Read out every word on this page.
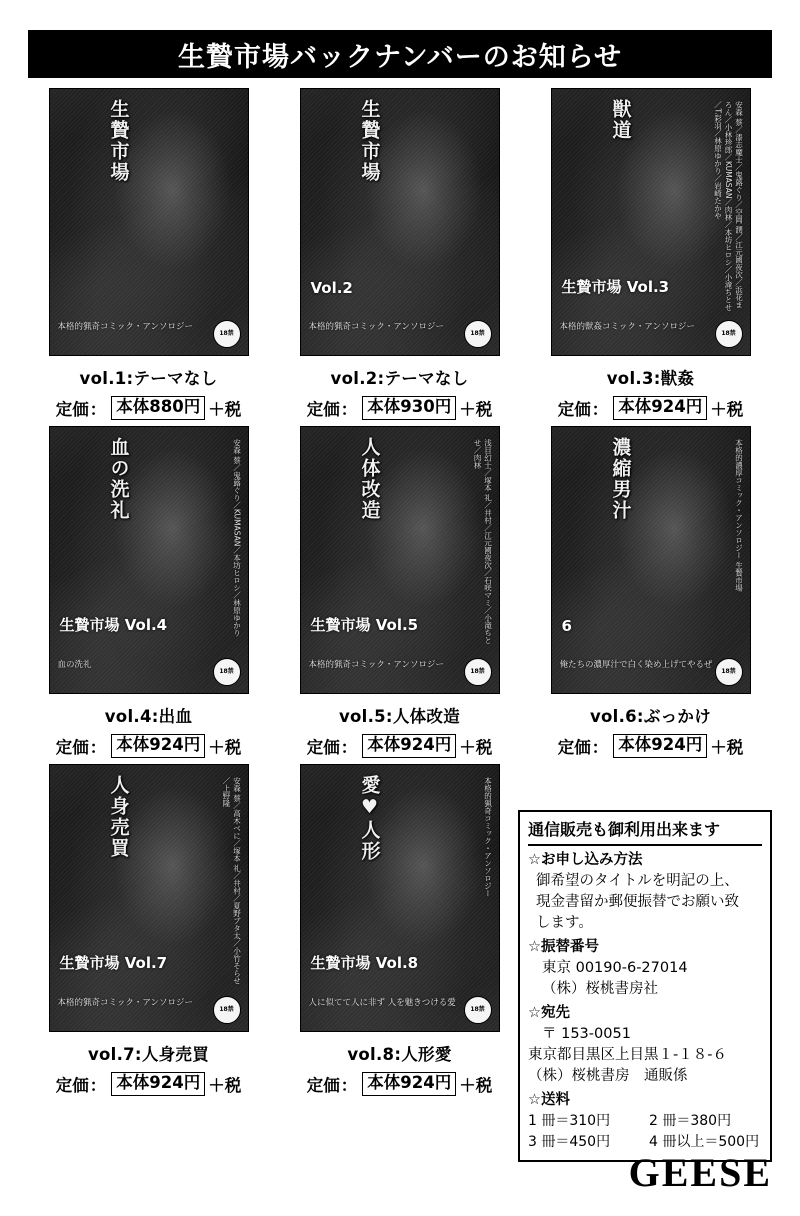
生贄市場バックナンバーのお知らせ
生贄市場
本格的猟奇コミック・アンソロジー
18禁
vol.1:テーマなし
定価 ： 本体880円 ＋ 税
生贄市場
Vol.2
本格的猟奇コミック・アンソロジー
18禁
vol.2:テーマなし
定価 ： 本体930円 ＋ 税
獣道	安森 蔡／漆志魔士／鬼蕗ぐり／空岡 潤／江元國夜次／浜花まろん／小林珍郎／KUMASAN／肉林／本坊ヒロシ／小滝ちとせ／T.彩羽／林原ゆかり／岩崎たかや
生贄市場 Vol.3
本格的獣姦コミック・アンソロジー
18禁
vol.3:獣姦
定価 ： 本体924円 ＋ 税
血の洗礼	安森 蔡／鬼蕗ぐり／KUMASAN／本坊ヒロシ／林原ゆかり
生贄市場 Vol.4
血の洗礼
18禁
vol.4:出血
定価 ： 本体924円 ＋ 税
人体改造	浅目幻士／塚本 礼／井村／江元國夜次／石咲マミ／小滝ちとせ／肉林
生贄市場 Vol.5
本格的猟奇コミック・アンソロジー
18禁
vol.5:人体改造
定価 ： 本体924円 ＋ 税
濃縮男汁	本格的濃厚コミック・アンソロジー 生贄市場
6
俺たちの濃厚汁で白く染め上げてやるぜ
18禁
vol.6:ぶっかけ
定価 ： 本体924円 ＋ 税
人身売買	安森 蔡／高木べに／塚本 礼／井村／夏野ブタ太／小竹そらせ／上野隆
生贄市場 Vol.7
本格的猟奇コミック・アンソロジー
18禁
vol.7:人身売買
定価 ： 本体924円 ＋ 税
愛♥人形	本格的猟奇コミック・アンソロジー
生贄市場 Vol.8
人に似てて人に非ず 人を魅きつける愛
18禁
vol.8:人形愛
定価 ： 本体924円 ＋ 税
通信販売も御利用出来ます
☆お申し込み方法
御希望のタイトルを明記の上、
現金書留か郵便振替でお願い致
します。
☆振替番号
東京 00190-6-27014
（株）桜桃書房社
☆宛先
〒 153-0051
東京都目黒区上目黒１‐１８‐６
（株）桜桃書房　通販係
☆送料
1 冊＝310円	2 冊＝380円
3 冊＝450円	4 冊以上＝500円
GEESE
